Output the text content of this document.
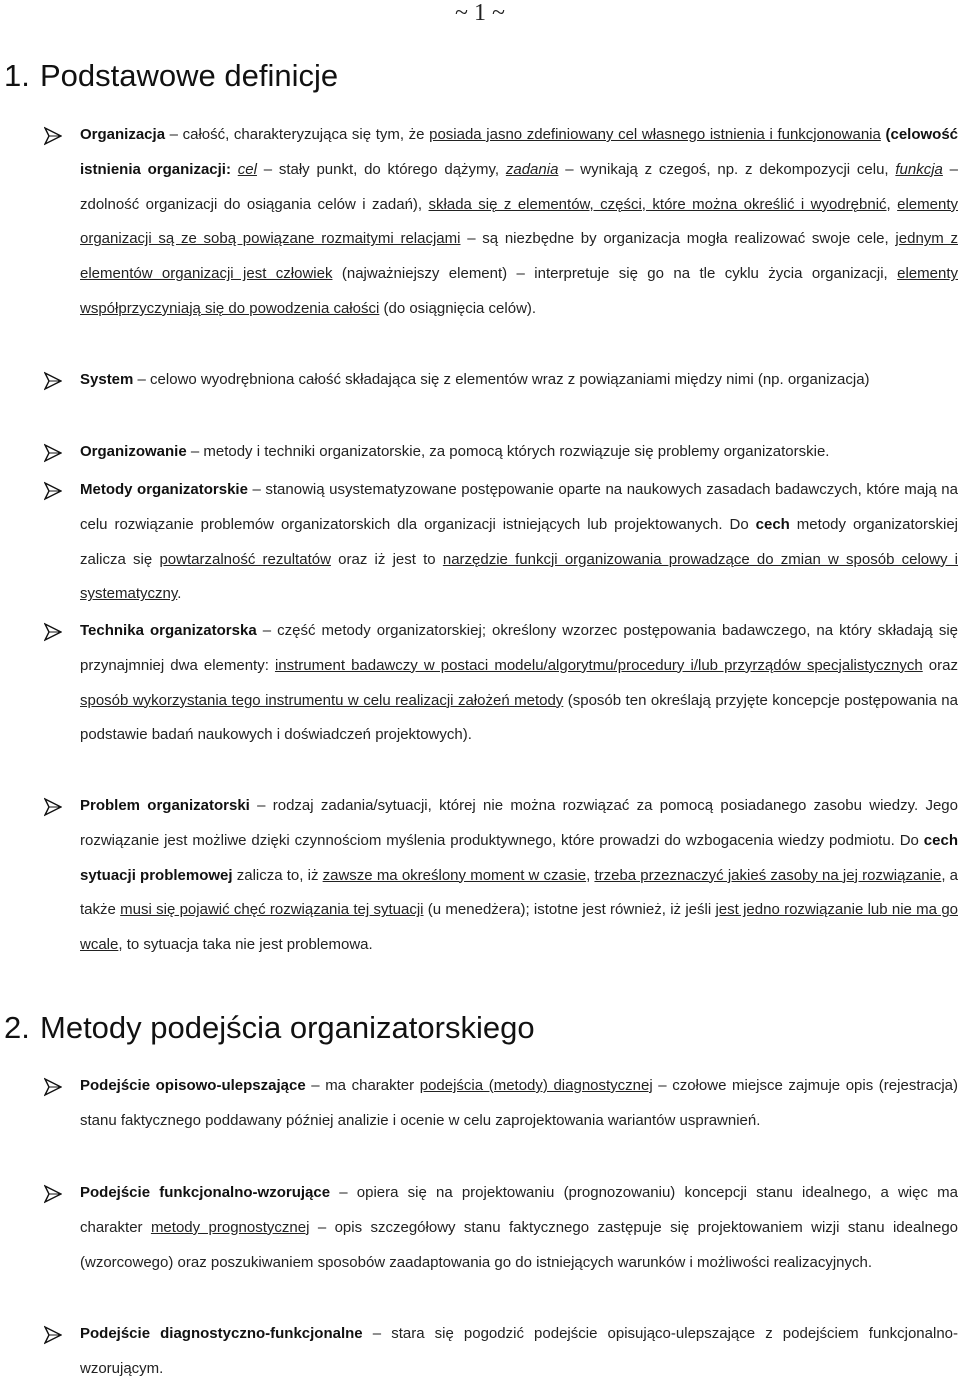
~ 1 ~
1. Podstawowe definicje
2. Metody podejścia organizatorskiego

Organizacja – całość, charakteryzująca się tym, że posiada jasno zdefiniowany cel własnego istnienia i funkcjonowania (celowość istnienia organizacji: cel – stały punkt, do którego dążymy, zadania – wynikają z czegoś, np. z dekompozycji celu, funkcja – zdolność organizacji do osiągania celów i zadań), składa się z elementów, części, które można określić i wyodrębnić, elementy organizacji są ze sobą powiązane rozmaitymi relacjami – są niezbędne by organizacja mogła realizować swoje cele, jednym z elementów organizacji jest człowiek (najważniejszy element) – interpretuje się go na tle cyklu życia organizacji, elementy współprzyczyniają się do powodzenia całości (do osiągnięcia celów).

System – celowo wyodrębniona całość składająca się z elementów wraz z powiązaniami między nimi (np. organizacja)

Organizowanie – metody i techniki organizatorskie, za pomocą których rozwiązuje się problemy organizatorskie.

Metody organizatorskie – stanowią usystematyzowane postępowanie oparte na naukowych zasadach badawczych, które mają na celu rozwiązanie problemów organizatorskich dla organizacji istniejących lub projektowanych. Do cech metody organizatorskiej zalicza się powtarzalność rezultatów oraz iż jest to narzędzie funkcji organizowania prowadzące do zmian w sposób celowy i systematyczny.

Technika organizatorska – część metody organizatorskiej; określony wzorzec postępowania badawczego, na który składają się przynajmniej dwa elementy: instrument badawczy w postaci modelu/algorytmu/procedury i/lub przyrządów specjalistycznych oraz sposób wykorzystania tego instrumentu w celu realizacji założeń metody (sposób ten określają przyjęte koncepcje postępowania na podstawie badań naukowych i doświadczeń projektowych).

Problem organizatorski – rodzaj zadania/sytuacji, której nie można rozwiązać za pomocą posiadanego zasobu wiedzy. Jego rozwiązanie jest możliwe dzięki czynnościom myślenia produktywnego, które prowadzi do wzbogacenia wiedzy podmiotu. Do cech sytuacji problemowej zalicza to, iż zawsze ma określony moment w czasie, trzeba przeznaczyć jakieś zasoby na jej rozwiązanie, a także musi się pojawić chęć rozwiązania tej sytuacji (u menedżera); istotne jest również, iż jeśli jest jedno rozwiązanie lub nie ma go wcale, to sytuacja taka nie jest problemowa.

Podejście opisowo-ulepszające – ma charakter podejścia (metody) diagnostycznej – czołowe miejsce zajmuje opis (rejestracja) stanu faktycznego poddawany później analizie i ocenie w celu zaprojektowania wariantów usprawnień.

Podejście funkcjonalno-wzorujące – opiera się na projektowaniu (prognozowaniu) koncepcji stanu idealnego, a więc ma charakter metody prognostycznej – opis szczegółowy stanu faktycznego zastępuje się projektowaniem wizji stanu idealnego (wzorcowego) oraz poszukiwaniem sposobów zaadaptowania go do istniejących warunków i możliwości realizacyjnych.

Podejście diagnostyczno-funkcjonalne – stara się pogodzić podejście opisująco-ulepszające z podejściem funkcjonalno-wzorującym.
